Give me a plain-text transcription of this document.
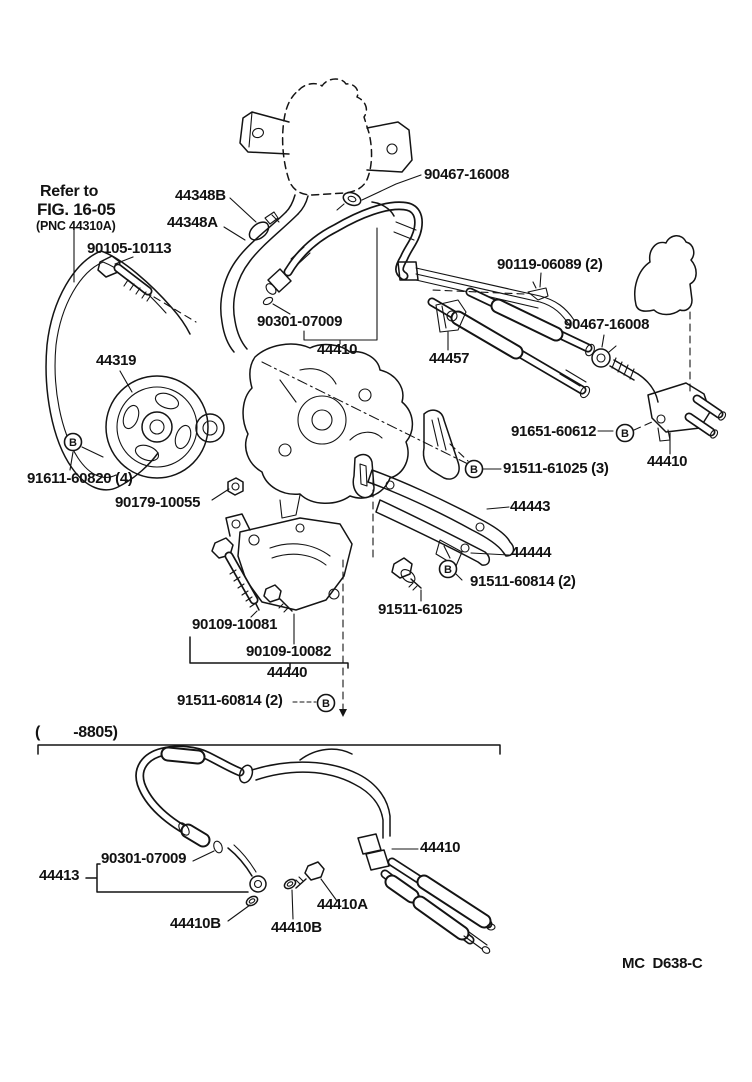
B
B
B
B
B
Refer to
FIG. 16-05
(PNC 44310A)
44348B
44348A
90467-16008
90105-10113
90119-06089 (2)
90301-07009
44410
44457
90467-16008
44319
91651-60612
44410
91611-60820 (4)
90179-10055
91511-61025 (3)
44443
44444
91511-60814 (2)
91511-61025
90109-10081
90109-10082
44440
91511-60814 (2)
(        -8805)
90301-07009
44413
44410
44410A
44410B	44410B
MC  D638-C
